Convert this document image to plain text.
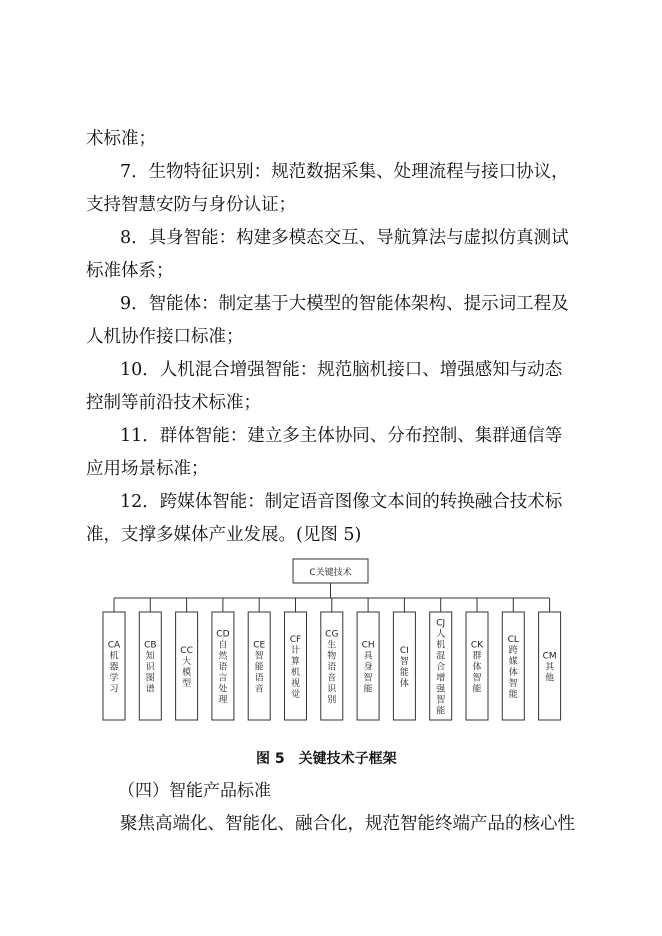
术标准；
7．生物特征识别：规范数据采集、处理流程与接口协议，
支持智慧安防与身份认证；
8．具身智能：构建多模态交互、导航算法与虚拟仿真测试
标准体系；
9．智能体：制定基于大模型的智能体架构、提示词工程及
人机协作接口标准；
10．人机混合增强智能：规范脑机接口、增强感知与动态
控制等前沿技术标准；
11．群体智能：建立多主体协同、分布控制、集群通信等
应用场景标准；
12．跨媒体智能：制定语音图像文本间的转换融合技术标
准，支撑多媒体产业发展。(见图 5)
C关键技术
CA
机
器
学
习
CB
知
识
图
谱
CC
大
模
型
CD
自
然
语
言
处
理
CE
智
能
语
音
CF
计
算
机
视
觉
CG
生
物
语
音
识
别
CH
具
身
智
能
CI
智
能
体
CJ
人
机
混
合
增
强
智
能
CK
群
体
智
能
CL
跨
媒
体
智
能
CM
其
他
图 5　关键技术子框架
（四）智能产品标准
聚焦高端化、智能化、融合化，规范智能终端产品的核心性
